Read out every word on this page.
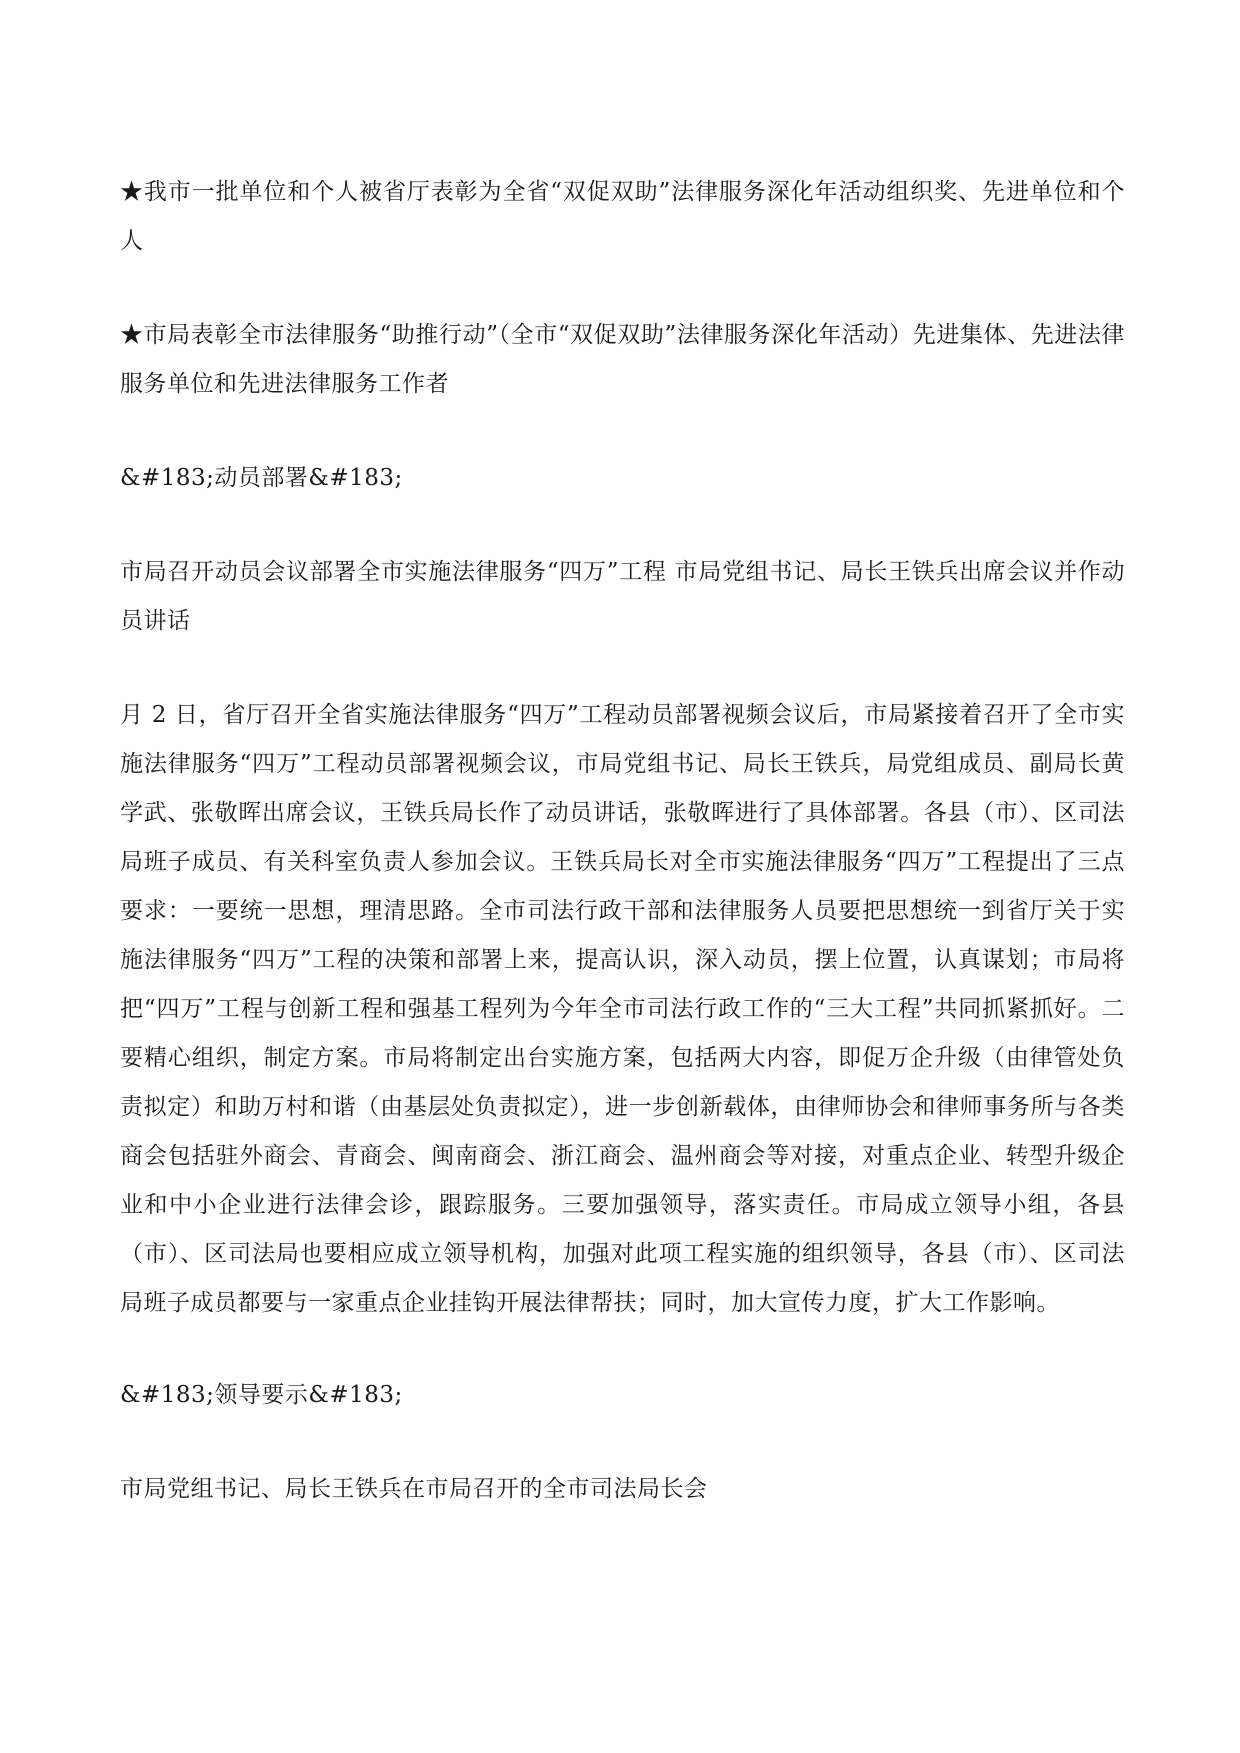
★我市一批单位和个人被省厅表彰为全省“双促双助”法律服务深化年活动组织奖、先进单位和个人

★市局表彰全市法律服务“助推行动”（全市“双促双助”法律服务深化年活动）先进集体、先进法律服务单位和先进法律服务工作者

&#183;动员部署&#183;

市局召开动员会议部署全市实施法律服务“四万”工程 市局党组书记、局长王铁兵出席会议并作动员讲话

月 2 日，省厅召开全省实施法律服务“四万”工程动员部署视频会议后，市局紧接着召开了全市实施法律服务“四万”工程动员部署视频会议，市局党组书记、局长王铁兵，局党组成员、副局长黄学武、张敬晖出席会议，王铁兵局长作了动员讲话，张敬晖进行了具体部署。各县（市）、区司法局班子成员、有关科室负责人参加会议。王铁兵局长对全市实施法律服务“四万”工程提出了三点要求：一要统一思想，理清思路。全市司法行政干部和法律服务人员要把思想统一到省厅关于实施法律服务“四万”工程的决策和部署上来，提高认识，深入动员，摆上位置，认真谋划；市局将把“四万”工程与创新工程和强基工程列为今年全市司法行政工作的“三大工程”共同抓紧抓好。二要精心组织，制定方案。市局将制定出台实施方案，包括两大内容，即促万企升级（由律管处负责拟定）和助万村和谐（由基层处负责拟定），进一步创新载体，由律师协会和律师事务所与各类商会包括驻外商会、青商会、闽南商会、浙江商会、温州商会等对接，对重点企业、转型升级企业和中小企业进行法律会诊，跟踪服务。三要加强领导，落实责任。市局成立领导小组，各县（市）、区司法局也要相应成立领导机构，加强对此项工程实施的组织领导，各县（市）、区司法局班子成员都要与一家重点企业挂钩开展法律帮扶；同时，加大宣传力度，扩大工作影响。

&#183;领导要示&#183;

市局党组书记、局长王铁兵在市局召开的全市司法局长会
